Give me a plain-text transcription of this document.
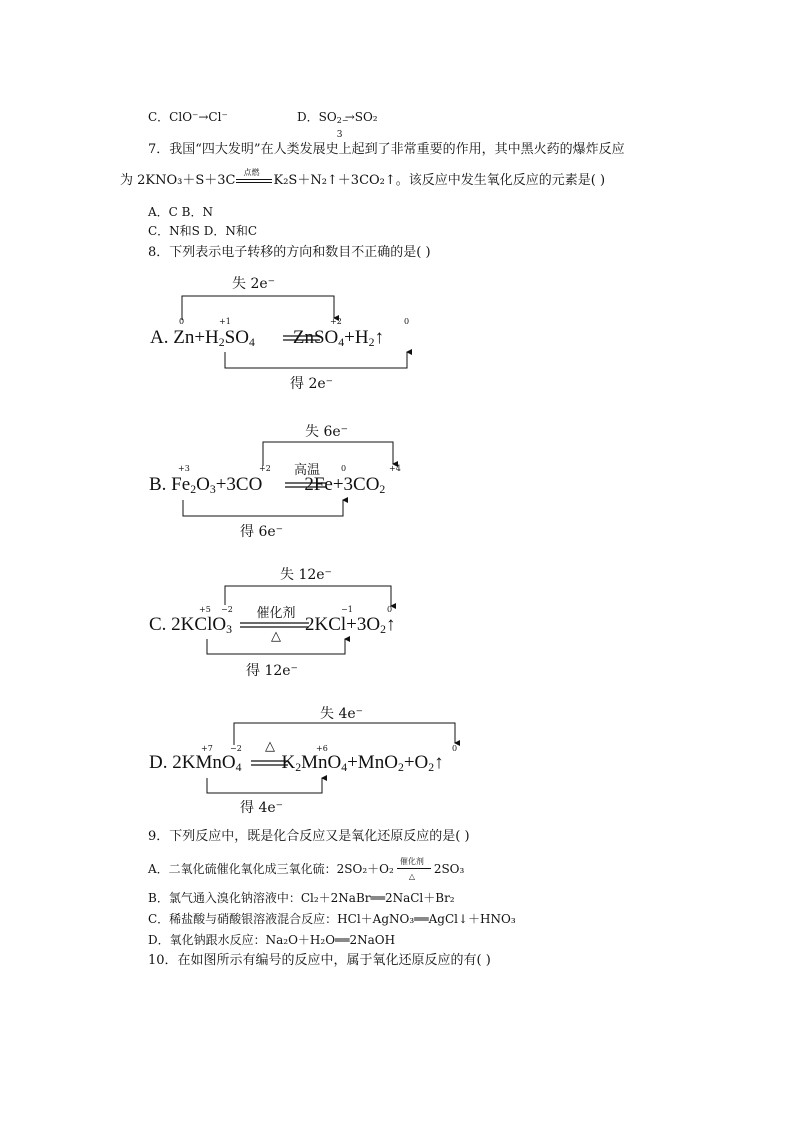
C．ClO⁻→Cl⁻	D．SO 2−
3
→SO₂
7．我国“四大发明”在人类发展史上起到了非常重要的作用，其中黑火药的爆炸反应
为 2KNO₃＋S＋3C
点燃
K₂S＋N₂↑＋3CO₂↑。该反应中发生氧化反应的元素是( )
A．C B．N
C．N和S D．N和C
8．下列表示电子转移的方向和数目不正确的是( )
失 2e⁻
0	+1	+2	0
A. $Zn+H_2SO_4$ $ZnSO_4+H_2↑$
得 2e⁻
失 6e⁻
高温
+3	+2	0	+4
B. $Fe_2O_3+3CO$ $2Fe+3CO_2$
得 6e⁻
失 12e⁻
+5 −2	−1	0
催化剂
△
C. 2KClO$_3$	$2KCl+3O_2↑$
得 12e⁻
失 4e⁻
△
+7 −2	+6	0
D. 2KMnO$_4$ $K_2MnO_4+MnO_2+O_2↑$
得 4e⁻
9．下列反应中，既是化合反应又是氧化还原反应的是( )
A．二氧化硫催化氧化成三氧化硫：2SO₂＋O₂
催化剂
△
2SO₃
B．氯气通入溴化钠溶液中：Cl₂＋2NaBr══2NaCl＋Br₂
C．稀盐酸与硝酸银溶液混合反应：HCl＋AgNO₃══AgCl↓＋HNO₃
D．氧化钠跟水反应：Na₂O＋H₂O══2NaOH
10．在如图所示有编号的反应中，属于氧化还原反应的有( )
